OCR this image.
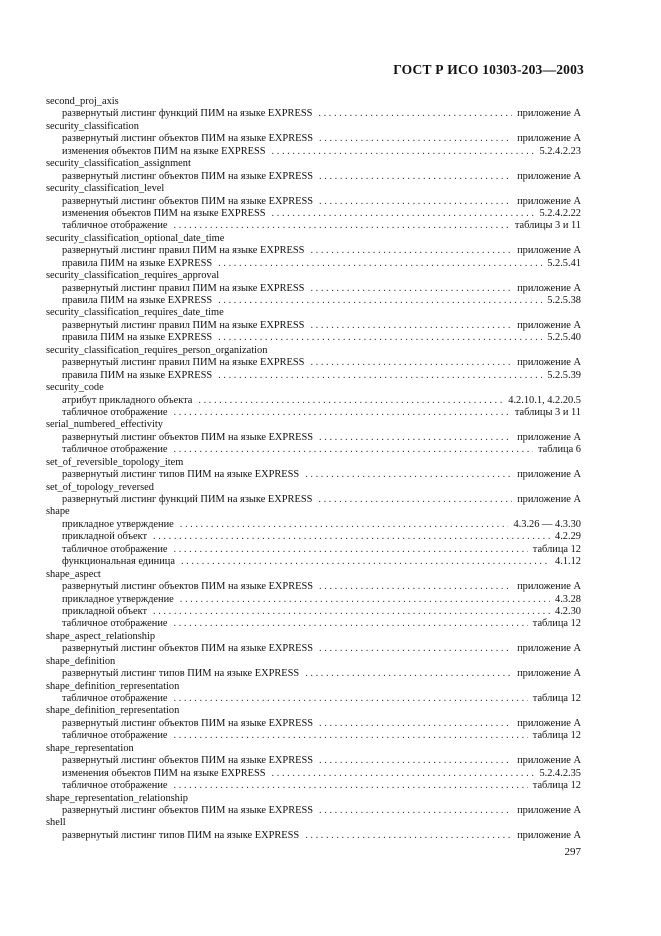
ГОСТ Р ИСО 10303-203—2003
second_proj_axis
развернутый листинг функций ПИМ на языке EXPRESS . . .	приложение А
security_classification
развернутый листинг объектов ПИМ на языке EXPRESS . . .	приложение А
изменения объектов ПИМ на языке EXPRESS . . .	5.2.4.2.23
security_classification_assignment
развернутый листинг объектов ПИМ на языке EXPRESS . . .	приложение А
security_classification_level
развернутый листинг объектов ПИМ на языке EXPRESS . . .	приложение А
изменения объектов ПИМ на языке EXPRESS . . .	5.2.4.2.22
табличное отображение . . .	таблицы 3 и 11
security_classification_optional_date_time
развернутый листинг правил ПИМ на языке EXPRESS . . .	приложение А
правила ПИМ на языке EXPRESS . . .	5.2.5.41
security_classification_requires_approval
развернутый листинг правил ПИМ на языке EXPRESS . . .	приложение А
правила ПИМ на языке EXPRESS . . .	5.2.5.38
security_classification_requires_date_time
развернутый листинг правил ПИМ на языке EXPRESS . . .	приложение А
правила ПИМ на языке EXPRESS . . .	5.2.5.40
security_classification_requires_person_organization
развернутый листинг правил ПИМ на языке EXPRESS . . .	приложение А
правила ПИМ на языке EXPRESS . . .	5.2.5.39
security_code
атрибут прикладного объекта . . .	4.2.10.1, 4.2.20.5
табличное отображение . . .	таблицы 3 и 11
serial_numbered_effectivity
развернутый листинг объектов ПИМ на языке EXPRESS . . .	приложение А
табличное отображение . . .	таблица 6
set_of_reversible_topology_item
развернутый листинг типов ПИМ на языке EXPRESS . . .	приложение А
set_of_topology_reversed
развернутый листинг функций ПИМ на языке EXPRESS . . .	приложение А
shape
прикладное утверждение . . .	4.3.26 — 4.3.30
прикладной объект . . .	4.2.29
табличное отображение . . .	таблица 12
функциональная единица . . .	4.1.12
shape_aspect
развернутый листинг объектов ПИМ на языке EXPRESS . . .	приложение А
прикладное утверждение . . .	4.3.28
прикладной объект . . .	4.2.30
табличное отображение . . .	таблица 12
shape_aspect_relationship
развернутый листинг объектов ПИМ на языке EXPRESS . . .	приложение А
shape_definition
развернутый листинг типов ПИМ на языке EXPRESS . . .	приложение А
shape_definition_representation
табличное отображение . . .	таблица 12
shape_definition_representation
развернутый листинг объектов ПИМ на языке EXPRESS . . .	приложение А
табличное отображение . . .	таблица 12
shape_representation
развернутый листинг объектов ПИМ на языке EXPRESS . . .	приложение А
изменения объектов ПИМ на языке EXPRESS . . .	5.2.4.2.35
табличное отображение . . .	таблица 12
shape_representation_relationship
развернутый листинг объектов ПИМ на языке EXPRESS . . .	приложение А
shell
развернутый листинг типов ПИМ на языке EXPRESS . . .	приложение А
297
